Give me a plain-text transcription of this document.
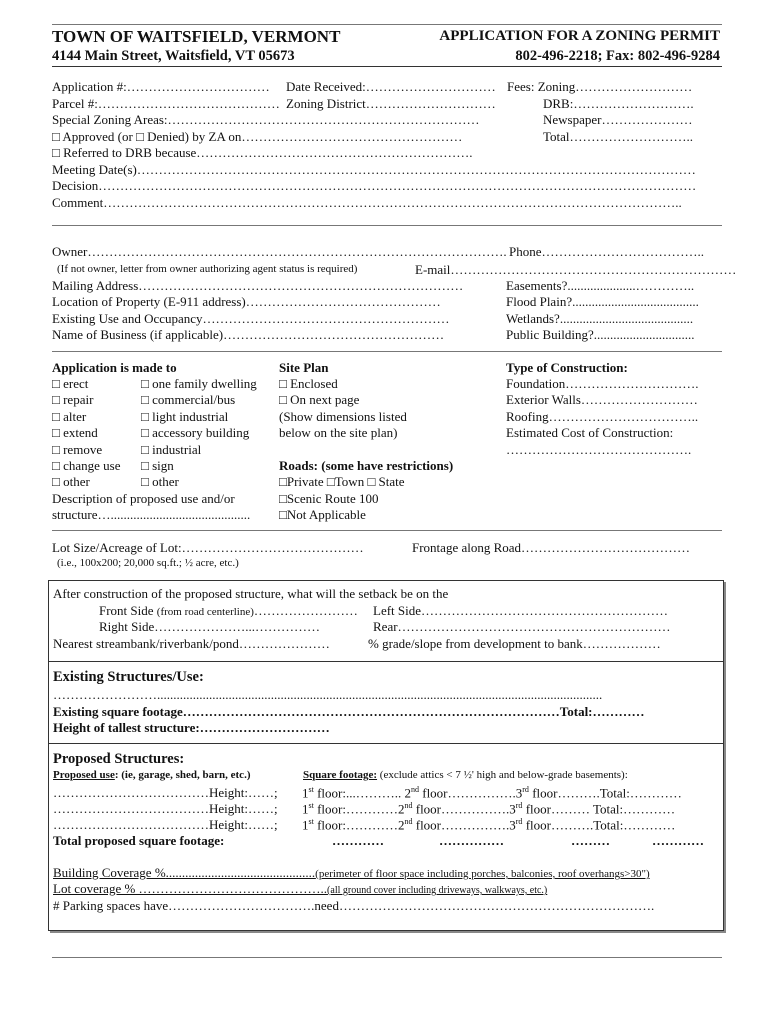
TOWN OF WAITSFIELD, VERMONT
4144 Main Street, Waitsfield, VT 05673
APPLICATION FOR A ZONING PERMIT
802-496-2218; Fax: 802-496-9284
Application #:…………………………… Date Received:………………………… Fees: Zoning………………………
Parcel #:…………………………………… Zoning District…………………………	DRB:……………………….
Special Zoning Areas:………………………………………………………………	Newspaper…………………
□ Approved (or □ Denied) by ZA on……………………………………………	Total………………………..
□ Referred to DRB because……………………………………………………….
Meeting Date(s)…………………………………………………………………………………………………………………
Decision…………………………………………………………………………………………………………………………
Comment……………………………………………………………………………………………………………………..
Owner……………………………………………………………………………………. Phone………………………………..
(If not owner, letter from owner authorizing agent status is required)	E-mail…………………………………………………………
Mailing Address…………………………………………………………………	Easements?.....................…………..
Location of Property (E-911 address)………………………………………	Flood Plain?.......................................
Existing Use and Occupancy…………………………………………………	Wetlands?.........................................
Name of Business (if applicable)……………………………………………	Public Building?...............................
Application is made to
□ erect
□ repair
□ alter
□ extend
□ remove
□ change use
□ other
□ one family dwelling
□ commercial/bus
□ light industrial
□ accessory building
□ industrial
□ sign
□ other
Description of proposed use and/or
structure…...........................................
Site Plan
□ Enclosed
□ On next page
(Show dimensions listed
below on the site plan)
Roads: (some have restrictions)
□Private □Town □ State
□Scenic Route 100
□Not Applicable
Type of Construction:
Foundation………………………….
Exterior Walls………………………
Roofing……………………………..
Estimated Cost of Construction:
…………………………………….
Lot Size/Acreage of Lot:……………………………………	Frontage along Road…………………………………
(i.e., 100x200; 20,000 sq.ft.; ½ acre, etc.)
After construction of the proposed structure, what will the setback be on the
Front Side (from road centerline)…………………… Left Side…………………………………………………
Right Side…………………...……………	Rear………………………………………………………
Nearest streambank/riverbank/pond…………………	% grade/slope from development to bank………………
Existing Structures/Use:
…………………….........................................................................................................................................
Existing square footage……………………………………………………………………………Total:…………
Height of tallest structure:…………………………
Proposed Structures:
Proposed use: (ie, garage, shed, barn, etc.)	Square footage: (exclude attics < 7 ½' high and below-grade basements):
………………………………Height:……; 1st floor:...……….. 2nd floor…………….3rd floor……….Total:…………
………………………………Height:……; 1st floor:…………2nd floor…………….3rd floor……… Total:…………
………………………………Height:……; 1st floor:…………2nd floor…………….3rd floor……….Total:…………
Total proposed square footage:	…………	……………	………	…………
Building Coverage %..............................................(perimeter of floor space including porches, balconies, roof overhangs>30")
Lot coverage % ……………………………………..(all ground cover including driveways, walkways, etc.)
# Parking spaces have…………………………….need……………………………………………………………….
